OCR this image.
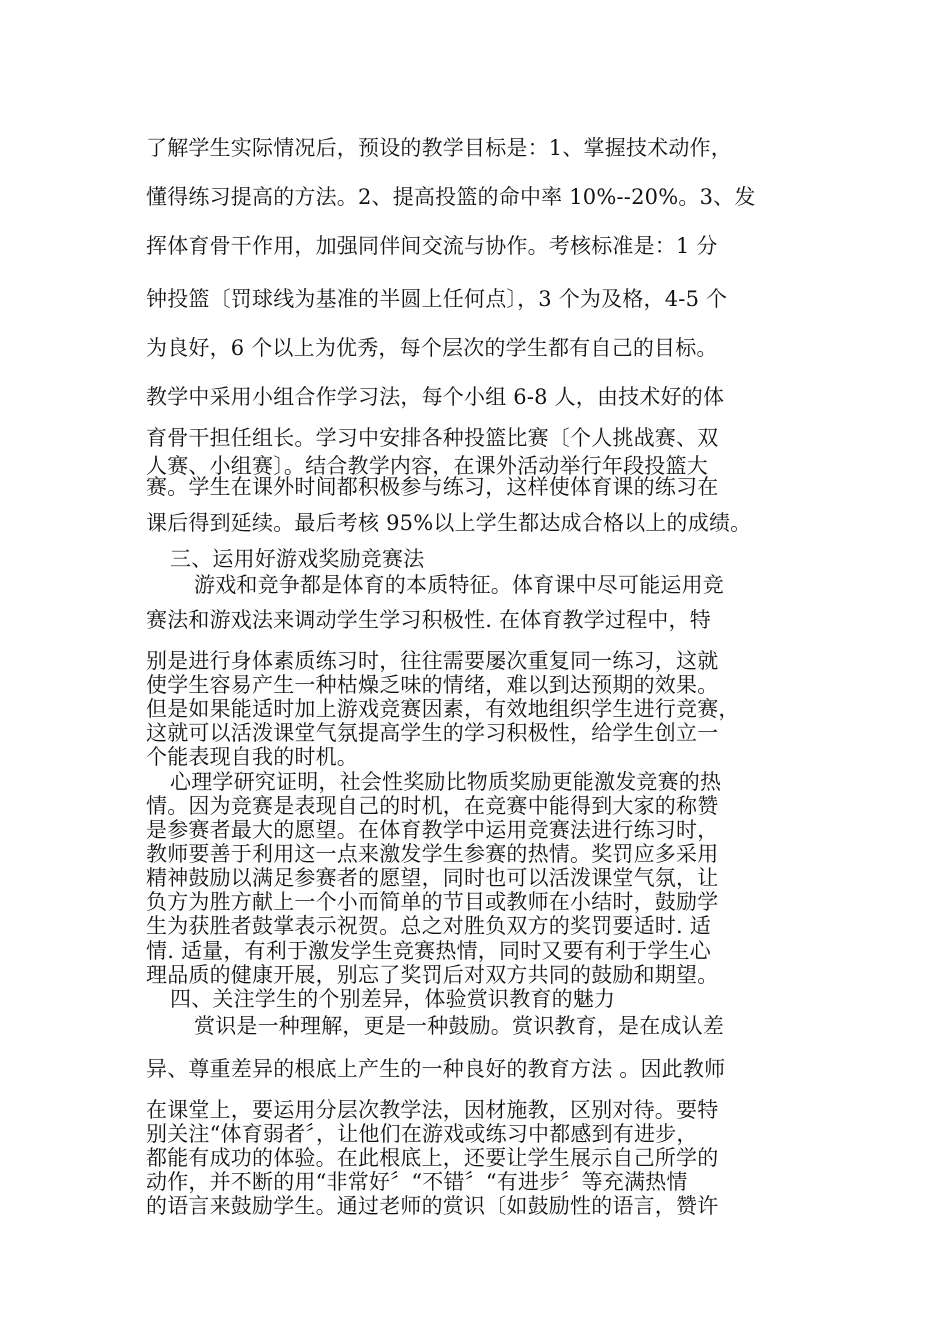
了解学生实际情况后，预设的教学目标是：1、掌握技术动作，
懂得练习提高的方法。2、提高投篮的命中率 10%--20%。3、发
挥体育骨干作用，加强同伴间交流与协作。考核标准是：1 分
钟投篮〔罚球线为基准的半圆上任何点〕，3 个为及格，4-5 个
为良好，6 个以上为优秀，每个层次的学生都有自己的目标。
教学中采用小组合作学习法，每个小组 6-8 人，由技术好的体
育骨干担任组长。学习中安排各种投篮比赛〔个人挑战赛、双
人赛、小组赛〕。结合教学内容，在课外活动举行年段投篮大
赛。学生在课外时间都积极参与练习，这样使体育课的练习在
课后得到延续。最后考核 95%以上学生都达成合格以上的成绩。
三、运用好游戏奖励竞赛法
游戏和竞争都是体育的本质特征。体育课中尽可能运用竞
赛法和游戏法来调动学生学习积极性. 在体育教学过程中，特
别是进行身体素质练习时，往往需要屡次重复同一练习，这就
使学生容易产生一种枯燥乏味的情绪，难以到达预期的效果。
但是如果能适时加上游戏竞赛因素，有效地组织学生进行竞赛，
这就可以活泼课堂气氛提高学生的学习积极性，给学生创立一
个能表现自我的时机。
心理学研究证明，社会性奖励比物质奖励更能激发竞赛的热
情。因为竞赛是表现自己的时机，在竞赛中能得到大家的称赞
是参赛者最大的愿望。在体育教学中运用竞赛法进行练习时，
教师要善于利用这一点来激发学生参赛的热情。奖罚应多采用
精神鼓励以满足参赛者的愿望，同时也可以活泼课堂气氛，让
负方为胜方献上一个小而简单的节目或教师在小结时，鼓励学
生为获胜者鼓掌表示祝贺。总之对胜负双方的奖罚要适时. 适
情. 适量，有利于激发学生竞赛热情，同时又要有利于学生心
理品质的健康开展，别忘了奖罚后对双方共同的鼓励和期望。
四、关注学生的个别差异，体验赏识教育的魅力
赏识是一种理解，更是一种鼓励。赏识教育，是在成认差
异、尊重差异的根底上产生的一种良好的教育方法 。因此教师
在课堂上，要运用分层次教学法，因材施教，区别对待。要特
别关注“体育弱者〞，让他们在游戏或练习中都感到有进步，
都能有成功的体验。在此根底上，还要让学生展示自己所学的
动作，并不断的用“非常好〞“不错〞“有进步〞等充满热情
的语言来鼓励学生。通过老师的赏识〔如鼓励性的语言，赞许
